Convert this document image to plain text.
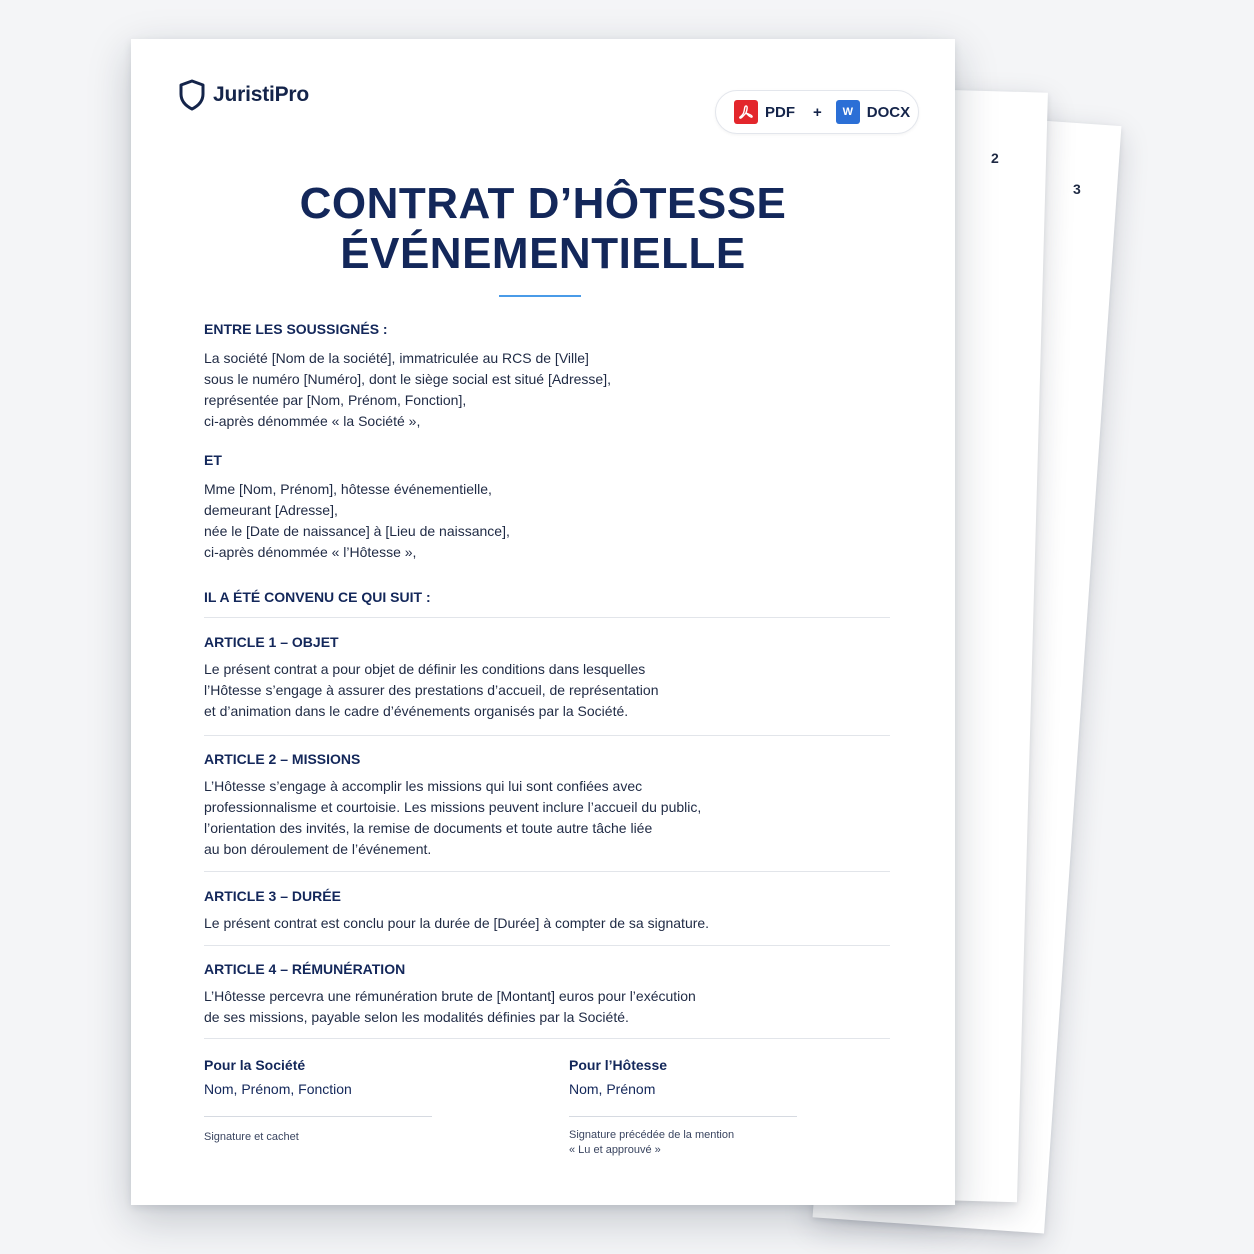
2
3
JuristiPro
PDF + W DOCX
CONTRAT D’HÔTESSE
ÉVÉNEMENTIELLE
ENTRE LES SOUSSIGNÉS :
La société [Nom de la société], immatriculée au RCS de [Ville]
sous le numéro [Numéro], dont le siège social est situé [Adresse],
représentée par [Nom, Prénom, Fonction],
ci-après dénommée « la Société »,
ET
Mme [Nom, Prénom], hôtesse événementielle,
demeurant [Adresse],
née le [Date de naissance] à [Lieu de naissance],
ci-après dénommée « l’Hôtesse »,
IL A ÉTÉ CONVENU CE QUI SUIT :
ARTICLE 1 – OBJET
Le présent contrat a pour objet de définir les conditions dans lesquelles
l’Hôtesse s’engage à assurer des prestations d’accueil, de représentation
et d’animation dans le cadre d’événements organisés par la Société.
ARTICLE 2 – MISSIONS
L’Hôtesse s’engage à accomplir les missions qui lui sont confiées avec
professionnalisme et courtoisie. Les missions peuvent inclure l’accueil du public,
l’orientation des invités, la remise de documents et toute autre tâche liée
au bon déroulement de l’événement.
ARTICLE 3 – DURÉE
Le présent contrat est conclu pour la durée de [Durée] à compter de sa signature.
ARTICLE 4 – RÉMUNÉRATION
L’Hôtesse percevra une rémunération brute de [Montant] euros pour l’exécution
de ses missions, payable selon les modalités définies par la Société.
Pour la Société
Nom, Prénom, Fonction
Signature et cachet
Pour l’Hôtesse
Nom, Prénom
Signature précédée de la mention
« Lu et approuvé »
